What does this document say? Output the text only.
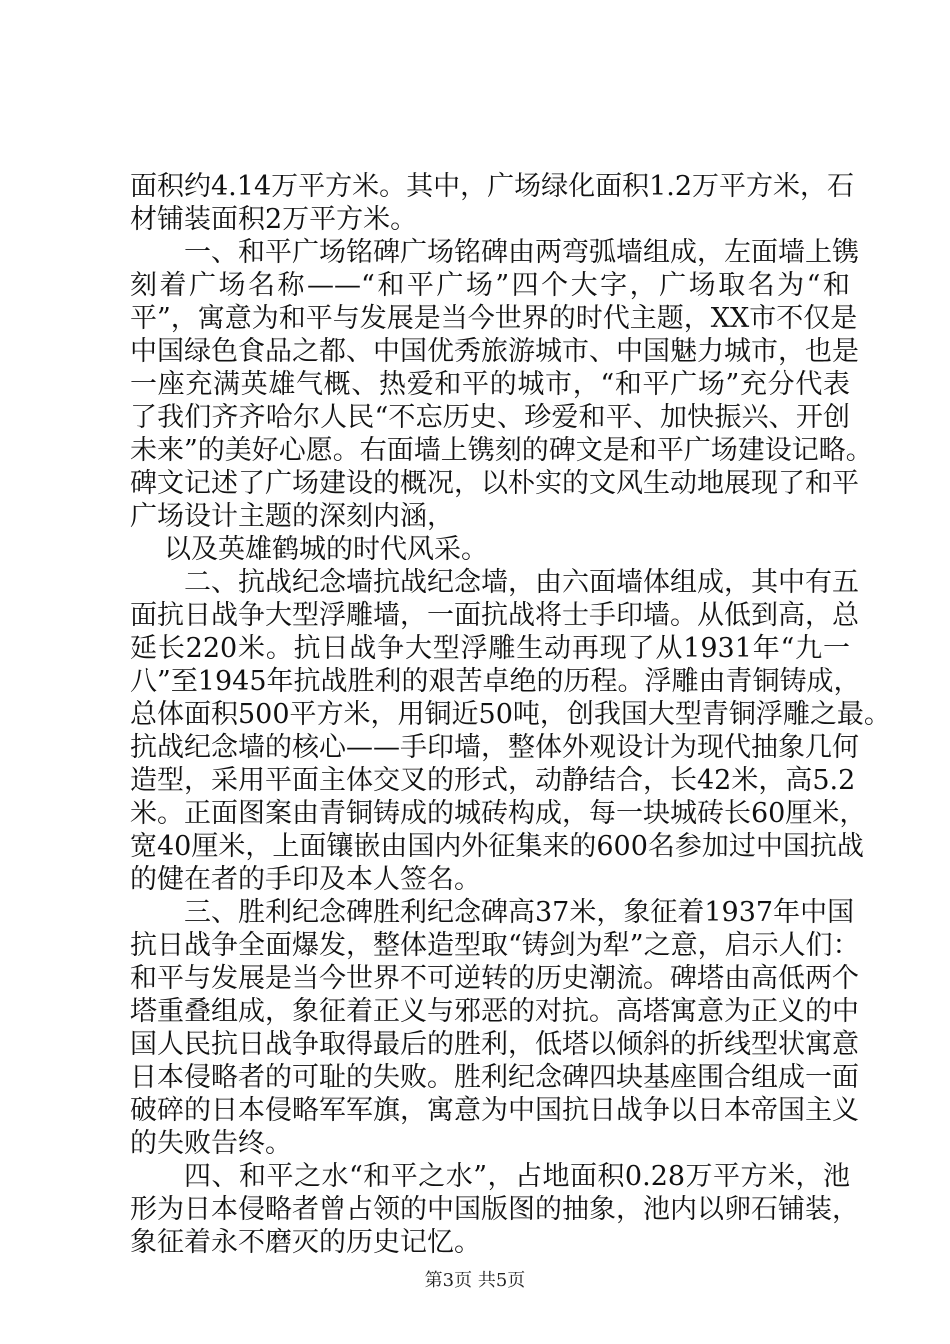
面积约4.14万平方米。其中，广场绿化面积1.2万平方米，石
材铺装面积2万平方米。
一、和平广场铭碑广场铭碑由两弯弧墙组成，左面墙上镌
刻着广场名称——“和平广场”四个大字，广场取名为“和
平”，寓意为和平与发展是当今世界的时代主题，XX市不仅是
中国绿色食品之都、中国优秀旅游城市、中国魅力城市，也是
一座充满英雄气概、热爱和平的城市，“和平广场”充分代表
了我们齐齐哈尔人民“不忘历史、珍爱和平、加快振兴、开创
未来”的美好心愿。右面墙上镌刻的碑文是和平广场建设记略。
碑文记述了广场建设的概况，以朴实的文风生动地展现了和平
广场设计主题的深刻内涵，
以及英雄鹤城的时代风采。
二、抗战纪念墙抗战纪念墙，由六面墙体组成，其中有五
面抗日战争大型浮雕墙，一面抗战将士手印墙。从低到高，总
延长220米。抗日战争大型浮雕生动再现了从1931年“九一
八”至1945年抗战胜利的艰苦卓绝的历程。浮雕由青铜铸成，
总体面积500平方米，用铜近50吨，创我国大型青铜浮雕之最。
抗战纪念墙的核心——手印墙，整体外观设计为现代抽象几何
造型，采用平面主体交叉的形式，动静结合，长42米，高5.2
米。正面图案由青铜铸成的城砖构成，每一块城砖长60厘米，
宽40厘米，上面镶嵌由国内外征集来的600名参加过中国抗战
的健在者的手印及本人签名。
三、胜利纪念碑胜利纪念碑高37米，象征着1937年中国
抗日战争全面爆发，整体造型取“铸剑为犁”之意，启示人们：
和平与发展是当今世界不可逆转的历史潮流。碑塔由高低两个
塔重叠组成，象征着正义与邪恶的对抗。高塔寓意为正义的中
国人民抗日战争取得最后的胜利，低塔以倾斜的折线型状寓意
日本侵略者的可耻的失败。胜利纪念碑四块基座围合组成一面
破碎的日本侵略军军旗，寓意为中国抗日战争以日本帝国主义
的失败告终。
四、和平之水“和平之水”，占地面积0.28万平方米，池
形为日本侵略者曾占领的中国版图的抽象，池内以卵石铺装，
象征着永不磨灭的历史记忆。
第3页 共5页
